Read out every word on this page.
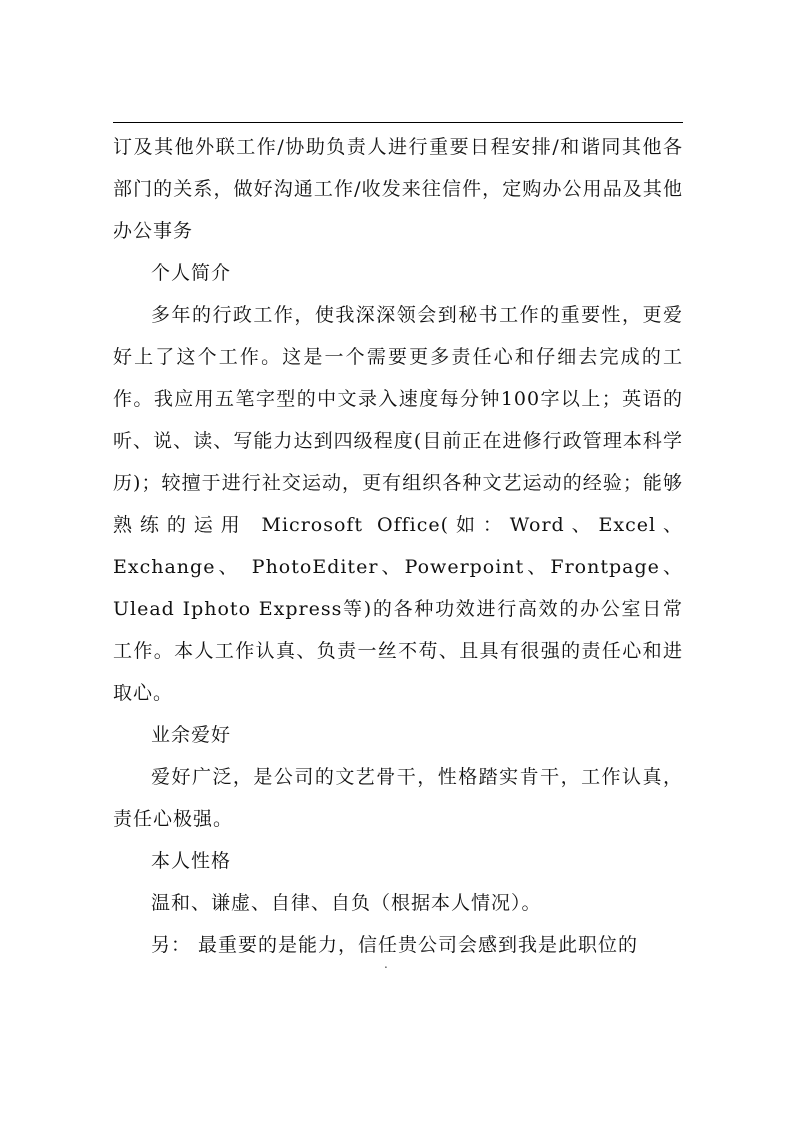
订及其他外联工作/协助负责人进行重要日程安排/和谐同其他各部门的关系，做好沟通工作/收发来往信件，定购办公用品及其他办公事务

个人简介

多年的行政工作，使我深深领会到秘书工作的重要性，更爱好上了这个工作。这是一个需要更多责任心和仔细去完成的工作。我应用五笔字型的中文录入速度每分钟100字以上；英语的听、说、读、写能力达到四级程度(目前正在进修行政管理本科学历)；较擅于进行社交运动，更有组织各种文艺运动的经验；能够熟练的运用 Microsoft Office(如：Word、Excel、Exchange、 PhotoEditer、Powerpoint、Frontpage、Ulead Iphoto Express等)的各种功效进行高效的办公室日常工作。本人工作认真、负责一丝不苟、且具有很强的责任心和进取心。

业余爱好

爱好广泛，是公司的文艺骨干，性格踏实肯干，工作认真，责任心极强。

本人性格

温和、谦虚、自律、自负（根据本人情况）。

另： 最重要的是能力，信任贵公司会感到我是此职位的

.
